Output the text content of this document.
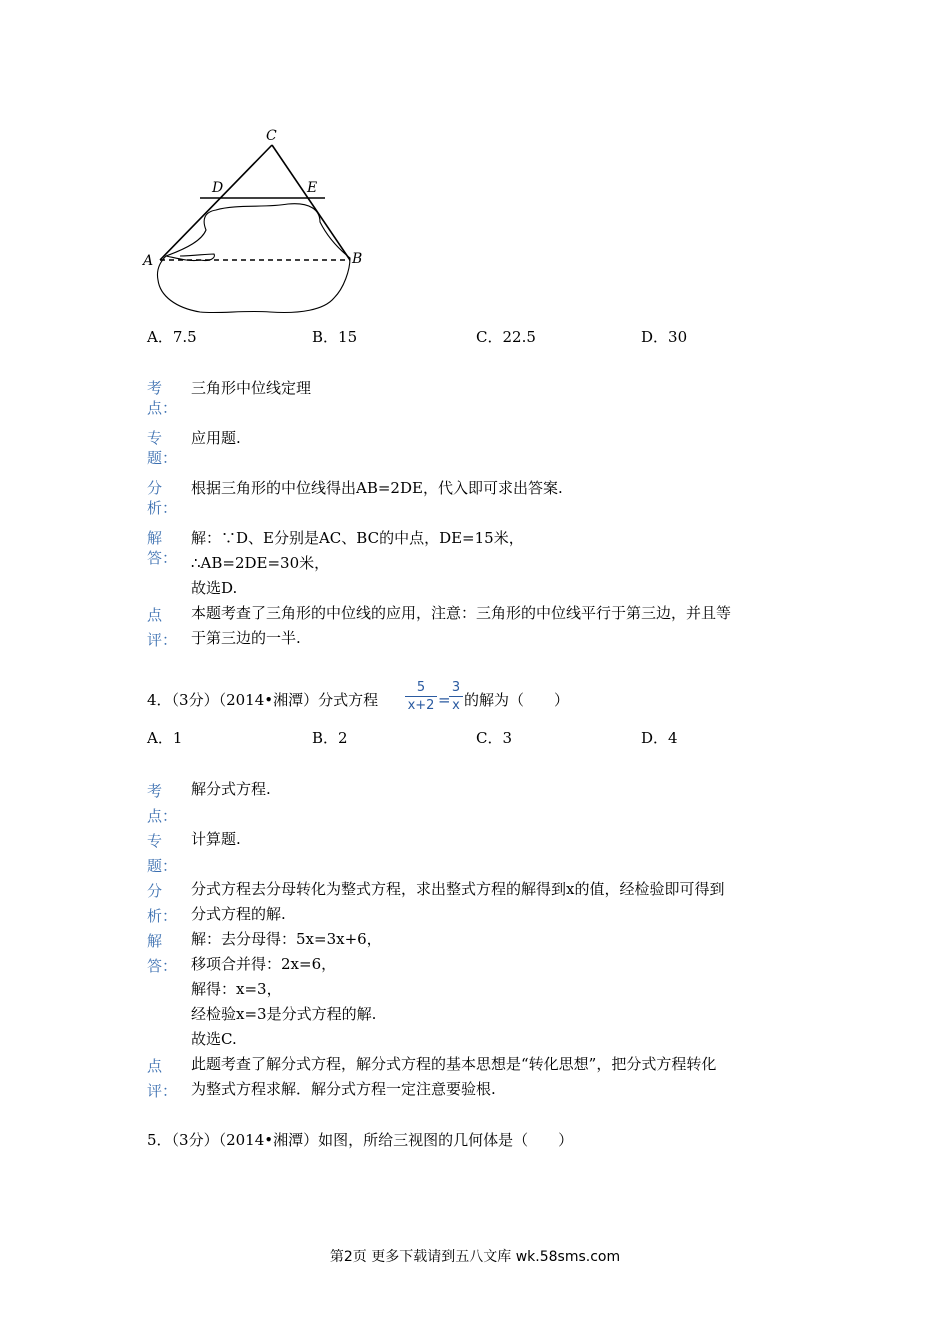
C
D	E
A	B
A．7.5	B．15	C．22.5	D．30
考
点：
三角形中位线定理
专
题：
应用题.
分
析：
根据三角形的中位线得出AB=2DE，代入即可求出答案.
解
答：
解：∵D、E分别是AC、BC的中点，DE=15米，
∴AB=2DE=30米，
故选D.
点
评：
本题考查了三角形的中位线的应用，注意：三角形的中位线平行于第三边，并且等
于第三边的一半.
4．（3分）（2014•湘潭）分式方程
5
x+2 =
3
x 的解为（　　）
A．1	B．2	C．3	D．4
考
点：
解分式方程.
专
题：
计算题.
分
析：
分式方程去分母转化为整式方程，求出整式方程的解得到x的值，经检验即可得到
分式方程的解.
解
答：
解：去分母得：5x=3x+6，
移项合并得：2x=6，
解得：x=3，
经检验x=3是分式方程的解.
故选C.
点
评：
此题考查了解分式方程，解分式方程的基本思想是“转化思想”，把分式方程转化
为整式方程求解．解分式方程一定注意要验根.
5．（3分）（2014•湘潭）如图，所给三视图的几何体是（　　）
第2页 更多下载请到五八文库 wk.58sms.com
